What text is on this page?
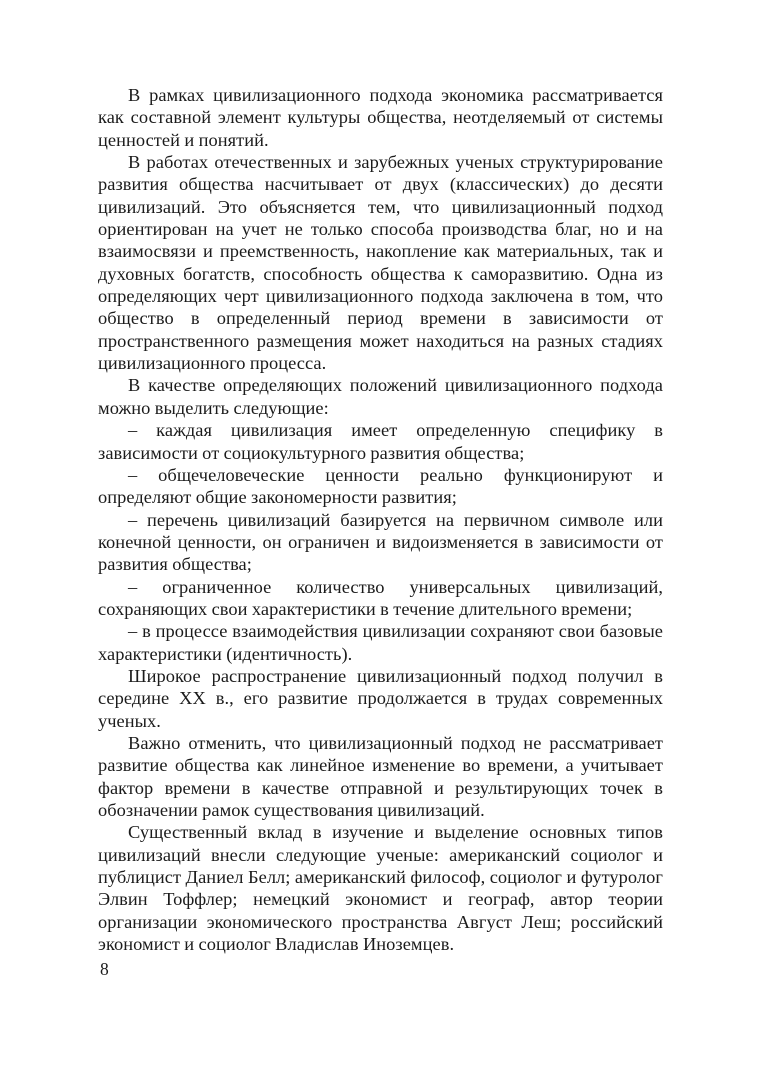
В рамках цивилизационного подхода экономика рассматривается как составной элемент культуры общества, неотделяемый от системы ценностей и понятий.

В работах отечественных и зарубежных ученых структурирование развития общества насчитывает от двух (классических) до десяти цивилизаций. Это объясняется тем, что цивилизационный подход ориентирован на учет не только способа производства благ, но и на взаимосвязи и преемственность, накопление как материальных, так и духовных богатств, способность общества к саморазвитию. Одна из определяющих черт цивилизационного подхода заключена в том, что общество в определенный период времени в зависимости от пространственного размещения может находиться на разных стадиях цивилизационного процесса.

В качестве определяющих положений цивилизационного подхода можно выделить следующие:

– каждая цивилизация имеет определенную специфику в зависимости от социокультурного развития общества;

– общечеловеческие ценности реально функционируют и определяют общие закономерности развития;

– перечень цивилизаций базируется на первичном символе или конечной ценности, он ограничен и видоизменяется в зависимости от развития общества;

– ограниченное количество универсальных цивилизаций, сохраняющих свои характеристики в течение длительного времени;

– в процессе взаимодействия цивилизации сохраняют свои базовые характеристики (идентичность).

Широкое распространение цивилизационный подход получил в середине XX в., его развитие продолжается в трудах современных ученых.

Важно отменить, что цивилизационный подход не рассматривает развитие общества как линейное изменение во времени, а учитывает фактор времени в качестве отправной и результирующих точек в обозначении рамок существования цивилизаций.

Существенный вклад в изучение и выделение основных типов цивилизаций внесли следующие ученые: американский социолог и публицист Даниел Белл; американский философ, социолог и футуролог Элвин Тоффлер; немецкий экономист и географ, автор теории организации экономического пространства Август Леш; российский экономист и социолог Владислав Иноземцев.

8
